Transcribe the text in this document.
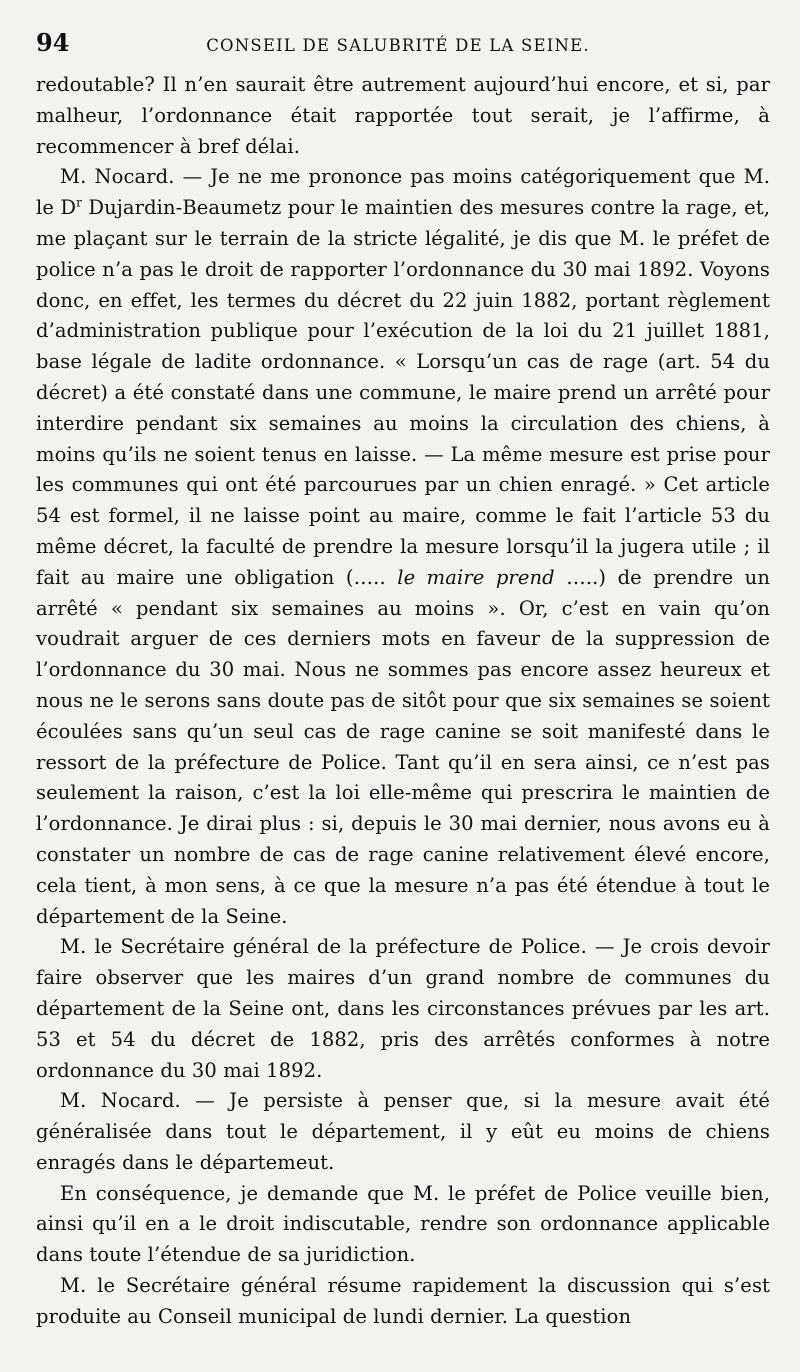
94	CONSEIL DE SALUBRITÉ DE LA SEINE.

redoutable? Il n’en saurait être autrement aujourd’hui encore, et si, par malheur, l’ordonnance était rapportée tout serait, je l’affirme, à recommencer à bref délai.

M. Nocard. — Je ne me prononce pas moins catégoriquement que M. le $D^r$ Dujardin-Beaumetz pour le maintien des mesures contre la rage, et, me plaçant sur le terrain de la stricte légalité, je dis que M. le préfet de police n’a pas le droit de rapporter l’ordonnance du 30 mai 1892. Voyons donc, en effet, les termes du décret du 22 juin 1882, portant règlement d’administration publique pour l’exécution de la loi du 21 juillet 1881, base légale de ladite ordonnance. « Lorsqu’un cas de rage (art. 54 du décret) a été constaté dans une commune, le maire prend un arrêté pour interdire pendant six semaines au moins la circulation des chiens, à moins qu’ils ne soient tenus en laisse. — La même mesure est prise pour les communes qui ont été parcourues par un chien enragé. » Cet article 54 est formel, il ne laisse point au maire, comme le fait l’article 53 du même décret, la faculté de prendre la mesure lorsqu’il la jugera utile ; il fait au maire une obligation (….. le maire prend …..) de prendre un arrêté « pendant six semaines au moins ». Or, c’est en vain qu’on voudrait arguer de ces derniers mots en faveur de la suppression de l’ordonnance du 30 mai. Nous ne sommes pas encore assez heureux et nous ne le serons sans doute pas de sitôt pour que six semaines se soient écoulées sans qu’un seul cas de rage canine se soit manifesté dans le ressort de la préfecture de Police. Tant qu’il en sera ainsi, ce n’est pas seulement la raison, c’est la loi elle-même qui prescrira le maintien de l’ordonnance. Je dirai plus : si, depuis le 30 mai dernier, nous avons eu à constater un nombre de cas de rage canine relativement élevé encore, cela tient, à mon sens, à ce que la mesure n’a pas été étendue à tout le département de la Seine.

M. le Secrétaire général de la préfecture de Police. — Je crois devoir faire observer que les maires d’un grand nombre de communes du département de la Seine ont, dans les circonstances prévues par les art. 53 et 54 du décret de 1882, pris des arrêtés conformes à notre ordonnance du 30 mai 1892.

M. Nocard. — Je persiste à penser que, si la mesure avait été généralisée dans tout le département, il y eût eu moins de chiens enragés dans le départemeut.

En conséquence, je demande que M. le préfet de Police veuille bien, ainsi qu’il en a le droit indiscutable, rendre son ordonnance applicable dans toute l’étendue de sa juridiction.

M. le Secrétaire général résume rapidement la discussion qui s’est produite au Conseil municipal de lundi dernier. La question
